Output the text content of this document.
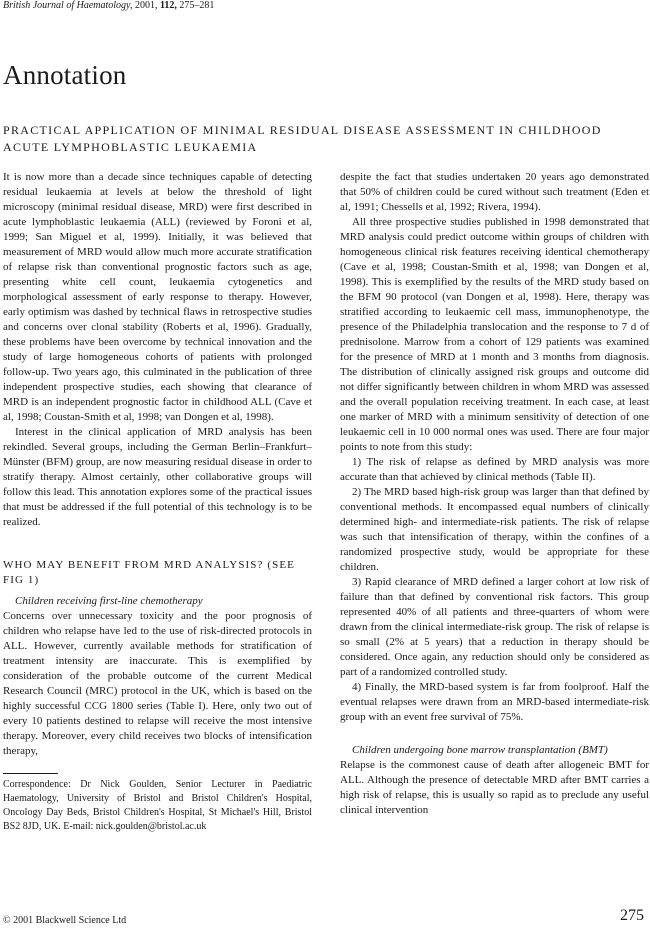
British Journal of Haematology, 2001, 112, 275–281
Annotation
PRACTICAL APPLICATION OF MINIMAL RESIDUAL DISEASE ASSESSMENT IN CHILDHOOD ACUTE LYMPHOBLASTIC LEUKAEMIA

It is now more than a decade since techniques capable of detecting residual leukaemia at levels at below the threshold of light microscopy (minimal residual disease, MRD) were first described in acute lymphoblastic leukaemia (ALL) (reviewed by Foroni et al, 1999; San Miguel et al, 1999). Initially, it was believed that measurement of MRD would allow much more accurate stratification of relapse risk than conventional prognostic factors such as age, presenting white cell count, leukaemia cytogenetics and morphological assessment of early response to therapy. However, early optimism was dashed by technical flaws in retrospective studies and concerns over clonal stability (Roberts et al, 1996). Gradually, these problems have been overcome by technical innovation and the study of large homogeneous cohorts of patients with prolonged follow-up. Two years ago, this culminated in the publication of three independent prospective studies, each showing that clearance of MRD is an independent prognostic factor in childhood ALL (Cave et al, 1998; Coustan-Smith et al, 1998; van Dongen et al, 1998).

Interest in the clinical application of MRD analysis has been rekindled. Several groups, including the German Berlin–Frankfurt–Münster (BFM) group, are now measuring residual disease in order to stratify therapy. Almost certainly, other collaborative groups will follow this lead. This annotation explores some of the practical issues that must be addressed if the full potential of this technology is to be realized.

WHO MAY BENEFIT FROM MRD ANALYSIS? (SEE FIG 1)

Children receiving first-line chemotherapy

Concerns over unnecessary toxicity and the poor prognosis of children who relapse have led to the use of risk-directed protocols in ALL. However, currently available methods for stratification of treatment intensity are inaccurate. This is exemplified by consideration of the probable outcome of the current Medical Research Council (MRC) protocol in the UK, which is based on the highly successful CCG 1800 series (Table I). Here, only two out of every 10 patients destined to relapse will receive the most intensive therapy. Moreover, every child receives two blocks of intensification therapy,

Correspondence: Dr Nick Goulden, Senior Lecturer in Paediatric Haematology, University of Bristol and Bristol Children's Hospital, Oncology Day Beds, Bristol Children's Hospital, St Michael's Hill, Bristol BS2 8JD, UK. E-mail: nick.goulden@bristol.ac.uk

despite the fact that studies undertaken 20 years ago demonstrated that 50% of children could be cured without such treatment (Eden et al, 1991; Chessells et al, 1992; Rivera, 1994).

All three prospective studies published in 1998 demonstrated that MRD analysis could predict outcome within groups of children with homogeneous clinical risk features receiving identical chemotherapy (Cave et al, 1998; Coustan-Smith et al, 1998; van Dongen et al, 1998). This is exemplified by the results of the MRD study based on the BFM 90 protocol (van Dongen et al, 1998). Here, therapy was stratified according to leukaemic cell mass, immunophenotype, the presence of the Philadelphia translocation and the response to 7 d of prednisolone. Marrow from a cohort of 129 patients was examined for the presence of MRD at 1 month and 3 months from diagnosis. The distribution of clinically assigned risk groups and outcome did not differ significantly between children in whom MRD was assessed and the overall population receiving treatment. In each case, at least one marker of MRD with a minimum sensitivity of detection of one leukaemic cell in 10 000 normal ones was used. There are four major points to note from this study:

1) The risk of relapse as defined by MRD analysis was more accurate than that achieved by clinical methods (Table II).

2) The MRD based high-risk group was larger than that defined by conventional methods. It encompassed equal numbers of clinically determined high- and intermediate-risk patients. The risk of relapse was such that intensification of therapy, within the confines of a randomized prospective study, would be appropriate for these children.

3) Rapid clearance of MRD defined a larger cohort at low risk of failure than that defined by conventional risk factors. This group represented 40% of all patients and three-quarters of whom were drawn from the clinical intermediate-risk group. The risk of relapse is so small (2% at 5 years) that a reduction in therapy should be considered. Once again, any reduction should only be considered as part of a randomized controlled study.

4) Finally, the MRD-based system is far from foolproof. Half the eventual relapses were drawn from an MRD-based intermediate-risk group with an event free survival of 75%.

Children undergoing bone marrow transplantation (BMT)

Relapse is the commonest cause of death after allogeneic BMT for ALL. Although the presence of detectable MRD after BMT carries a high risk of relapse, this is usually so rapid as to preclude any useful clinical intervention

© 2001 Blackwell Science Ltd	275
